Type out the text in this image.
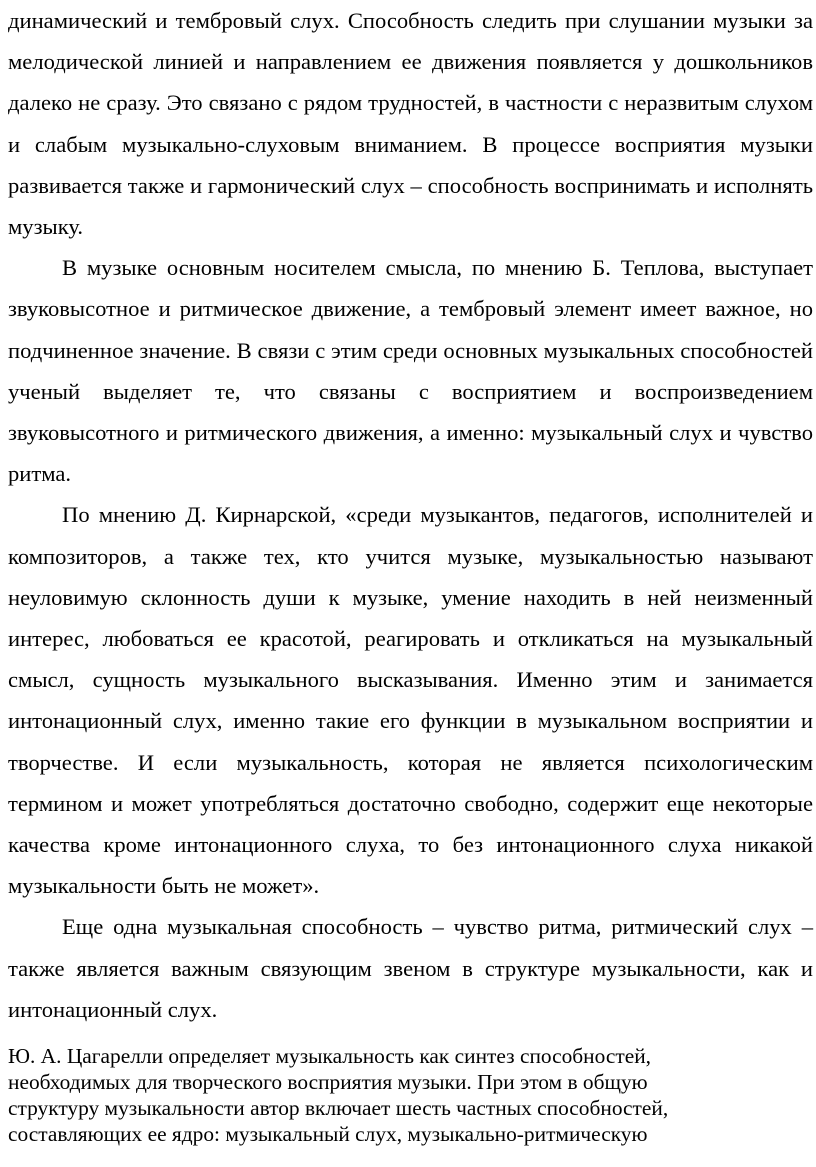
динамический и тембровый слух. Способность следить при слушании музыки за мелодической линией и направлением ее движения появляется у дошкольников далеко не сразу. Это связано с рядом трудностей, в частности с неразвитым слухом и слабым музыкально-слуховым вниманием. В процессе восприятия музыки развивается также и гармонический слух – способность воспринимать и исполнять музыку.

В музыке основным носителем смысла, по мнению Б. Теплова, выступает звуковысотное и ритмическое движение, а тембровый элемент имеет важное, но подчиненное значение. В связи с этим среди основных музыкальных способностей ученый выделяет те, что связаны с восприятием и воспроизведением звуковысотного и ритмического движения, а именно: музыкальный слух и чувство ритма.

По мнению Д. Кирнарской, «среди музыкантов, педагогов, исполнителей и композиторов, а также тех, кто учится музыке, музыкальностью называют неуловимую склонность души к музыке, умение находить в ней неизменный интерес, любоваться ее красотой, реагировать и откликаться на музыкальный смысл, сущность музыкального высказывания. Именно этим и занимается интонационный слух, именно такие его функции в музыкальном восприятии и творчестве. И если музыкальность, которая не является психологическим термином и может употребляться достаточно свободно, содержит еще некоторые качества кроме интонационного слуха, то без интонационного слуха никакой музыкальности быть не может».

Еще одна музыкальная способность – чувство ритма, ритмический слух – также является важным связующим звеном в структуре музыкальности, как и интонационный слух.

Ю. А. Цагарелли определяет музыкальность как синтез способностей,

необходимых для творческого восприятия музыки. При этом в общую

структуру музыкальности автор включает шесть частных способностей,

составляющих ее ядро: музыкальный слух, музыкально-ритмическую
